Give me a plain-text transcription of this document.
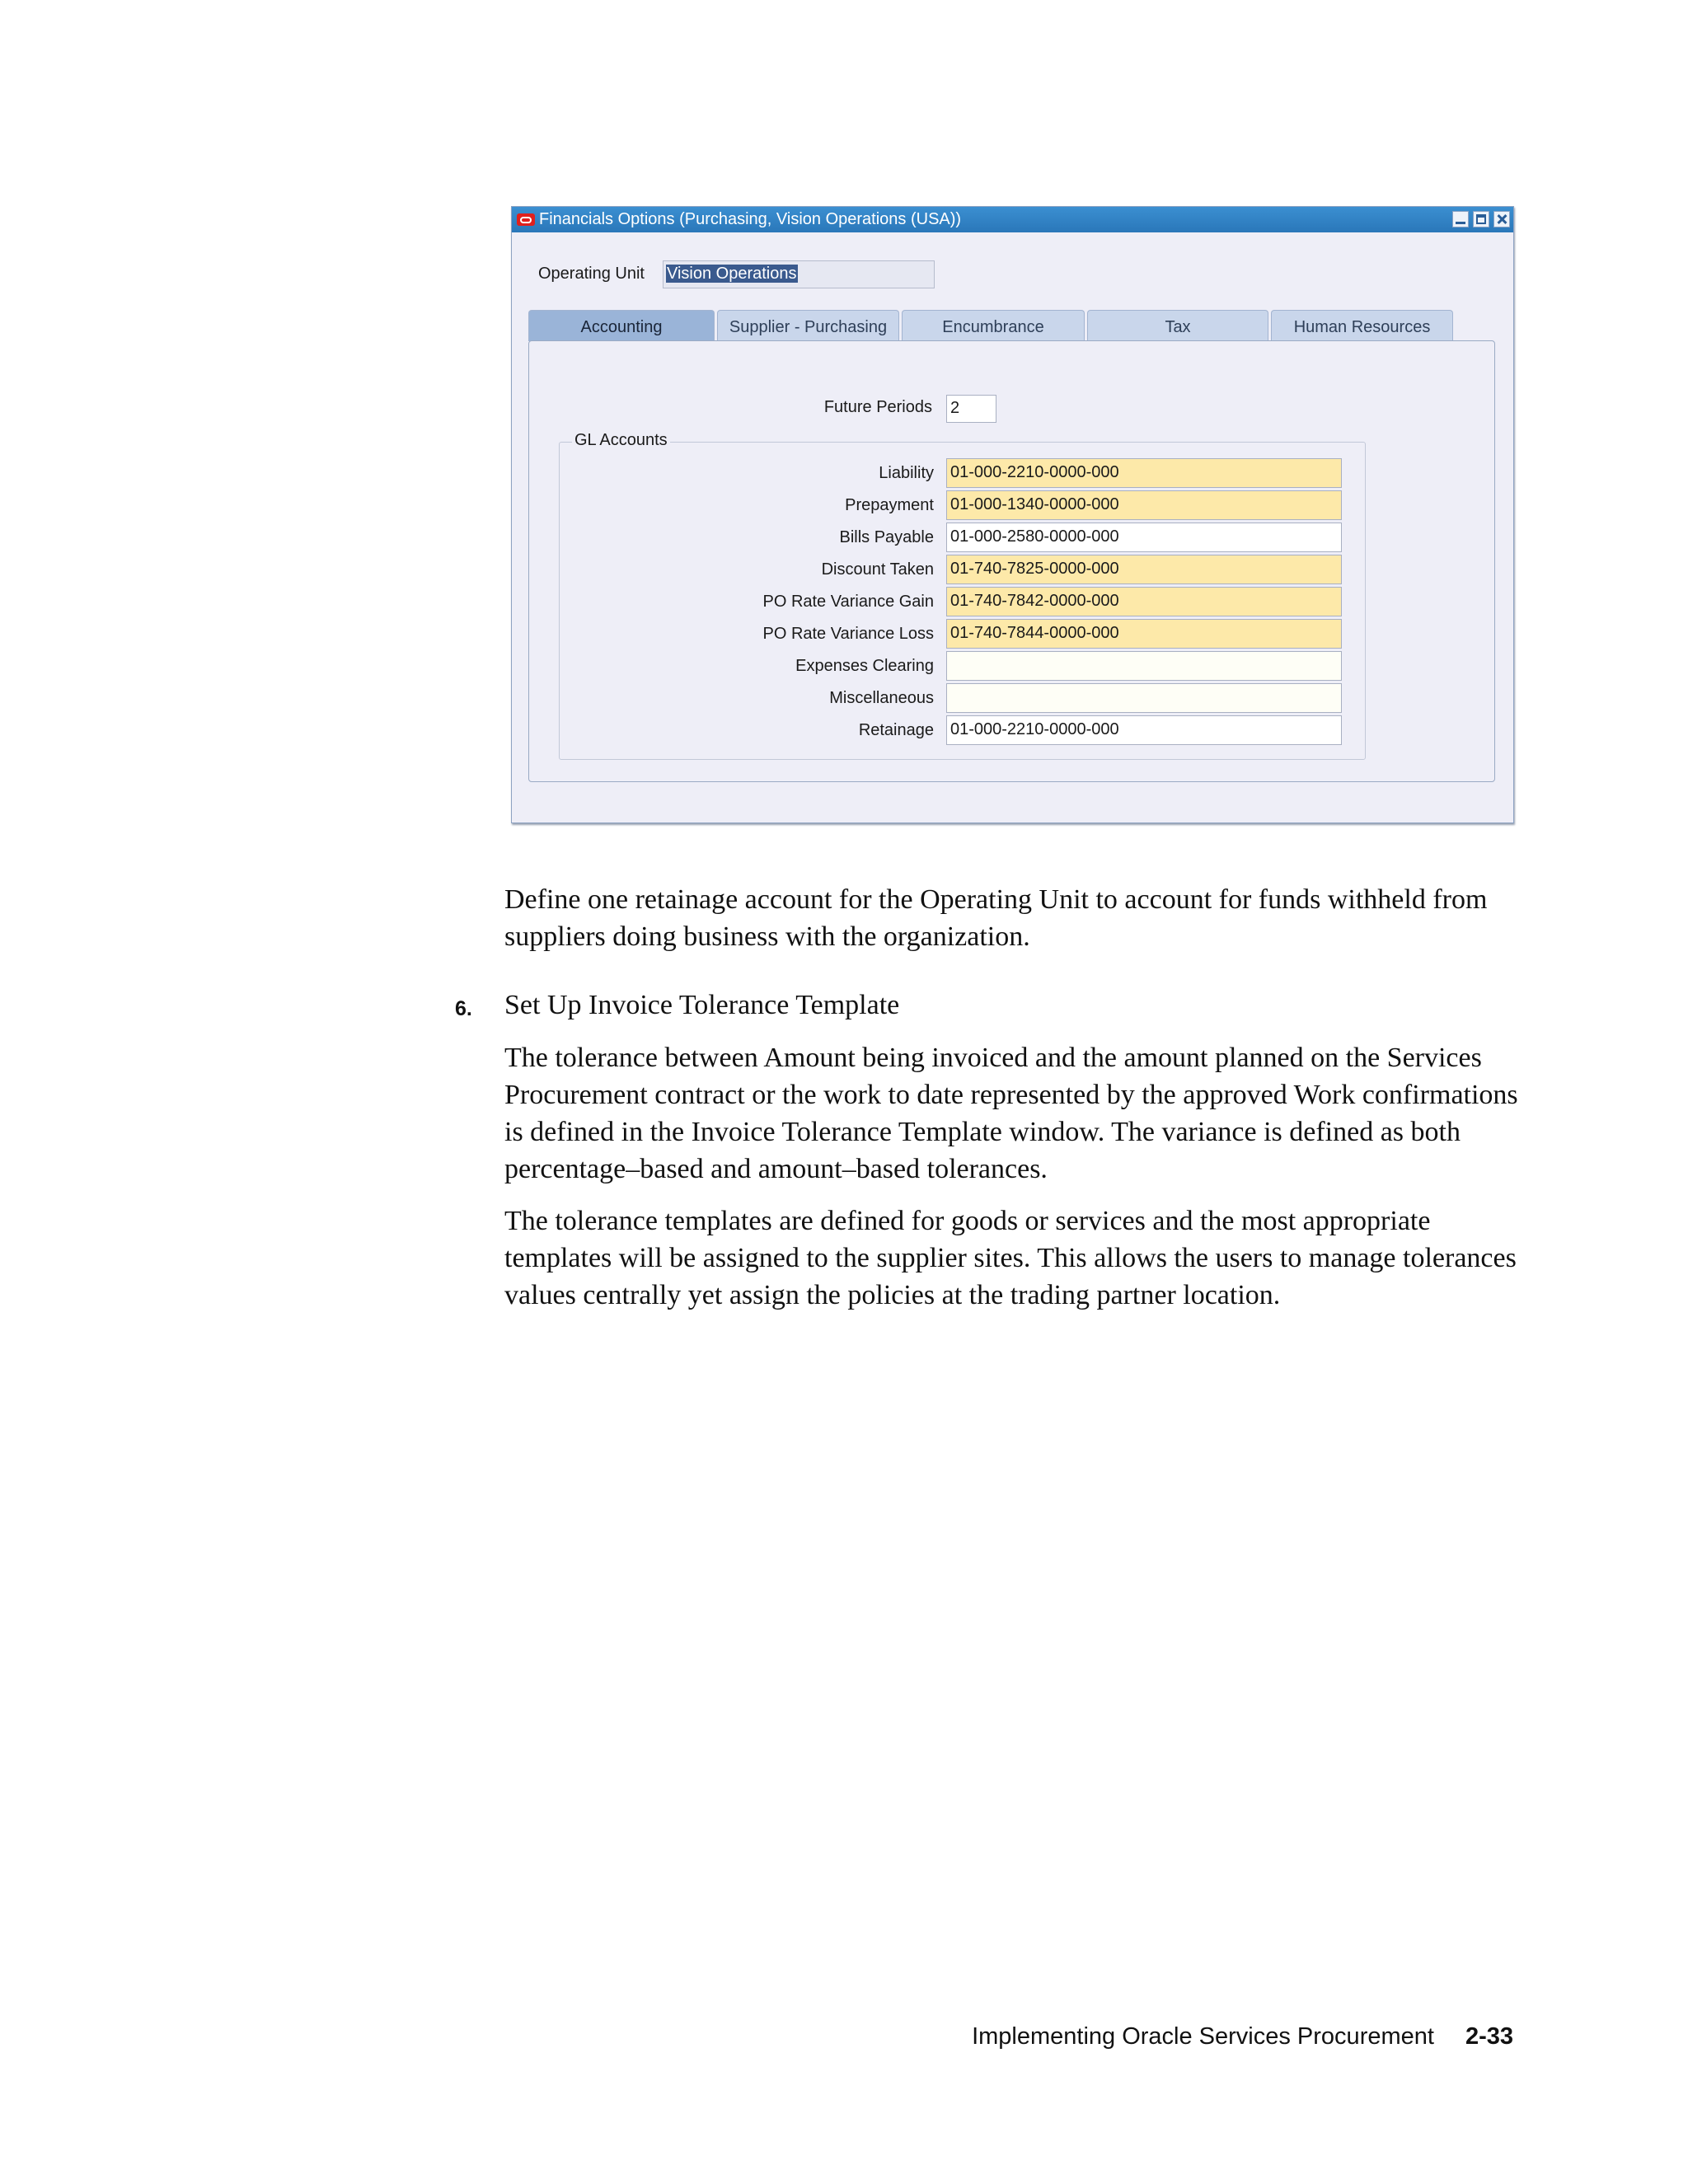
Financials Options (Purchasing, Vision Operations (USA))
Operating Unit Vision Operations
Accounting	Supplier - Purchasing	Encumbrance	Tax	Human Resources
Future Periods 2
GL Accounts
Liability 01-000-2210-0000-000
Prepayment 01-000-1340-0000-000
Bills Payable 01-000-2580-0000-000
Discount Taken 01-740-7825-0000-000
PO Rate Variance Gain 01-740-7842-0000-000
PO Rate Variance Loss 01-740-7844-0000-000
Expenses Clearing
Miscellaneous
Retainage 01-000-2210-0000-000

Define one retainage account for the Operating Unit to account for funds withheld from suppliers doing business with the organization.

6. Set Up Invoice Tolerance Template

The tolerance between Amount being invoiced and the amount planned on the Services Procurement contract or the work to date represented by the approved Work confirmations is defined in the Invoice Tolerance Template window. The variance is defined as both percentage–based and amount–based tolerances.

The tolerance templates are defined for goods or services and the most appropriate templates will be assigned to the supplier sites. This allows the users to manage tolerances values centrally yet assign the policies at the trading partner location.

Implementing Oracle Services Procurement 2-33
